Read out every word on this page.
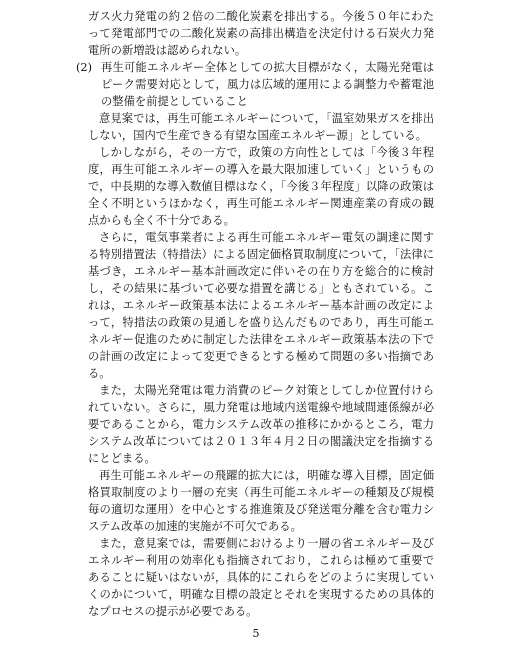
ガス火力発電の約２倍の二酸化炭素を排出する。今後５０年にわたって発電部門での二酸化炭素の高排出構造を決定付ける石炭火力発電所の新増設は認められない。

(2) 再生可能エネルギー全体としての拡大目標がなく，太陽光発電はピーク需要対応として，風力は広域的運用による調整力や蓄電池の整備を前提としていること

意見案では，再生可能エネルギーについて，「温室効果ガスを排出しない，国内で生産できる有望な国産エネルギー源」としている。

しかしながら，その一方で，政策の方向性としては「今後３年程度，再生可能エネルギーの導入を最大限加速していく」というもので，中長期的な導入数値目標はなく，「今後３年程度」以降の政策は全く不明というほかなく，再生可能エネルギー関連産業の育成の観点からも全く不十分である。

さらに，電気事業者による再生可能エネルギー電気の調達に関する特別措置法（特措法）による固定価格買取制度について，「法律に基づき，エネルギー基本計画改定に伴いその在り方を総合的に検討し，その結果に基づいて必要な措置を講じる」ともされている。これは，エネルギー政策基本法によるエネルギー基本計画の改定によって，特措法の政策の見通しを盛り込んだものであり，再生可能エネルギー促進のために制定した法律をエネルギー政策基本法の下での計画の改定によって変更できるとする極めて問題の多い指摘である。

また，太陽光発電は電力消費のピーク対策としてしか位置付けられていない。さらに，風力発電は地域内送電線や地域間連係線が必要であることから，電力システム改革の推移にかかるところ，電力システム改革については２０１３年４月２日の閣議決定を指摘するにとどまる。

再生可能エネルギーの飛躍的拡大には，明確な導入目標，固定価格買取制度のより一層の充実（再生可能エネルギーの種類及び規模毎の適切な運用）を中心とする推進策及び発送電分離を含む電力システム改革の加速的実施が不可欠である。

また，意見案では，需要側におけるより一層の省エネルギー及びエネルギー利用の効率化も指摘されており，これらは極めて重要であることに疑いはないが，具体的にこれらをどのように実現していくのかについて，明確な目標の設定とそれを実現するための具体的なプロセスの提示が必要である。

5
